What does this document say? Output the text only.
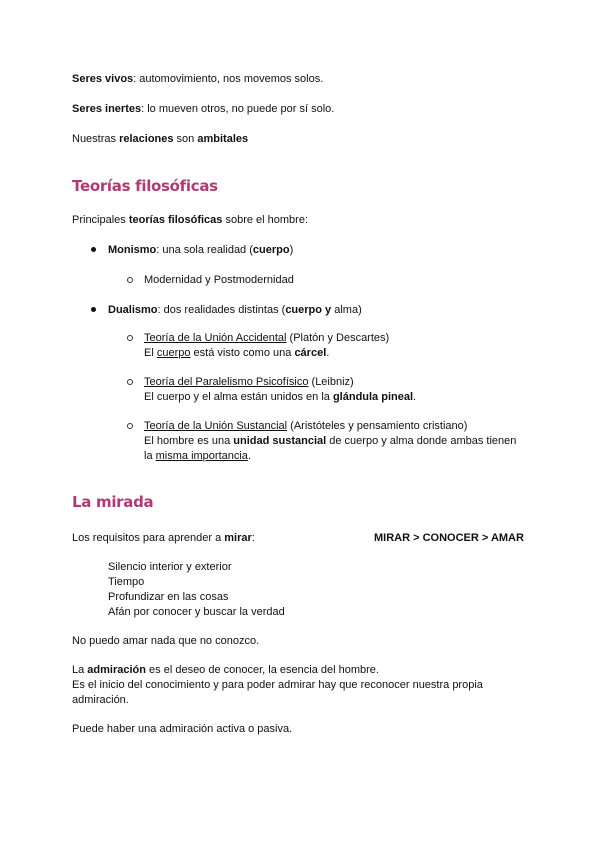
Seres vivos: automovimiento, nos movemos solos.
Seres inertes: lo mueven otros, no puede por sí solo.
Nuestras relaciones son ambitales
Teorías filosóficas
Principales teorías filosóficas sobre el hombre:
Monismo: una sola realidad (cuerpo)
Modernidad y Postmodernidad
Dualismo: dos realidades distintas (cuerpo y alma)
Teoría de la Unión Accidental (Platón y Descartes)
El cuerpo está visto como una cárcel.
Teoría del Paralelismo Psicofísico (Leibniz)
El cuerpo y el alma están unidos en la glándula pineal.
Teoría de la Unión Sustancial (Aristóteles y pensamiento cristiano)
El hombre es una unidad sustancial de cuerpo y alma donde ambas tienen
la misma importancia.
La mirada
Los requisitos para aprender a mirar:	MIRAR > CONOCER > AMAR
Silencio interior y exterior
Tiempo
Profundizar en las cosas
Afán por conocer y buscar la verdad
No puedo amar nada que no conozco.
La admiración es el deseo de conocer, la esencia del hombre.
Es el inicio del conocimiento y para poder admirar hay que reconocer nuestra propia
admiración.
Puede haber una admiración activa o pasiva.
